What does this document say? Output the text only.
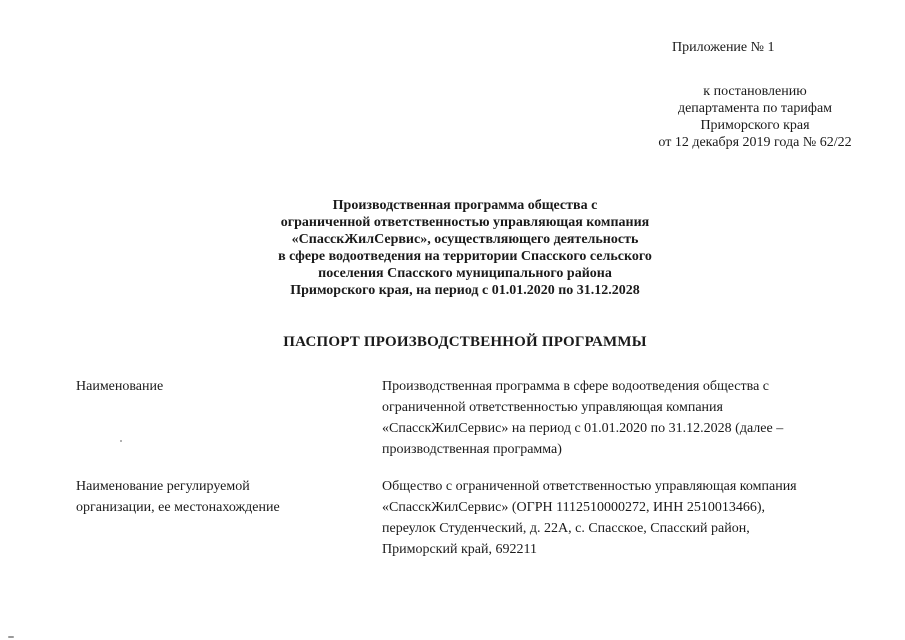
Приложение № 1
к постановлению
департамента по тарифам
Приморского края
от 12 декабря 2019 года № 62/22
Производственная программа общества с
ограниченной ответственностью управляющая компания
«СпасскЖилСервис», осуществляющего деятельность
в сфере водоотведения на территории Спасского сельского
поселения Спасского муниципального района
Приморского края, на период с 01.01.2020 по 31.12.2028
ПАСПОРТ ПРОИЗВОДСТВЕННОЙ ПРОГРАММЫ
Наименование	Производственная программа в сфере водоотведения общества с
ограниченной ответственностью управляющая компания
«СпасскЖилСервис» на период с 01.01.2020 по 31.12.2028 (далее –
производственная программа)
Наименование регулируемой
организации, ее местонахождение
Общество с ограниченной ответственностью управляющая компания
«СпасскЖилСервис» (ОГРН 1112510000272, ИНН 2510013466),
переулок Студенческий, д. 22А, с. Спасское, Спасский район,
Приморский край, 692211
